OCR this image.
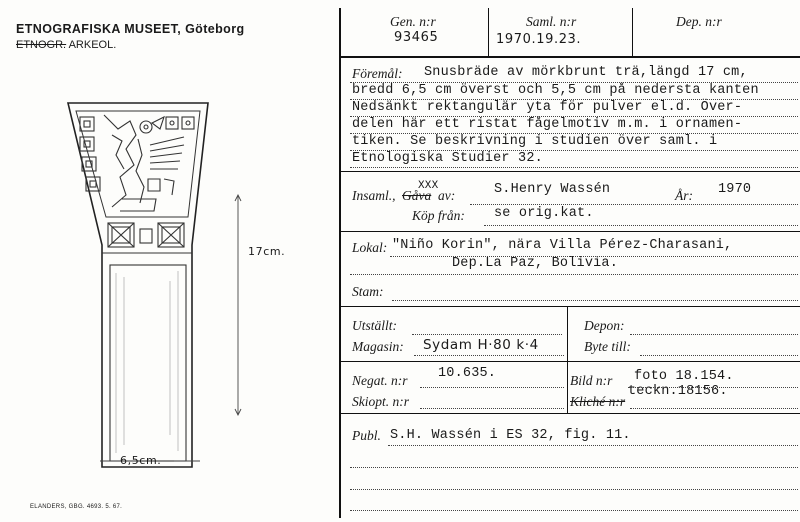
ETNOGRAFISKA MUSEET, Göteborg
ETNOGR. ARKEOL.
17cm.
6,5cm.
ELANDERS, GBG. 4693. 5. 67.
Gen. n:r
93465
Saml. n:r
1970.19.23.
Dep. n:r
Föremål: Snusbräde av mörkbrunt trä,längd 17 cm,
bredd 6,5 cm överst och 5,5 cm på nedersta kanten
Nedsänkt rektangulär yta för pulver el.d. Över-
delen här ett ristat fågelmotiv m.m. i ornamen-
tiken. Se beskrivning i studien över saml. i
Etnologiska Studier 32.
Insaml., Gåva
XXX
av:	S.Henry Wassén	År: 1970
Köp från: se orig.kat.
Lokal: "Niño Korin", nära Villa Pérez-Charasani,
Dep.La Paz, Bolivia.
Stam:
Utställt:
Magasin: Sydam H·80 k·4
Depon:
Byte till:
Negat. n:r 10.635.
Skiopt. n:r
Bild n:r foto 18.154.
Kliché n:r
teckn.18156.
Publ. S.H. Wassén i ES 32, fig. 11.
